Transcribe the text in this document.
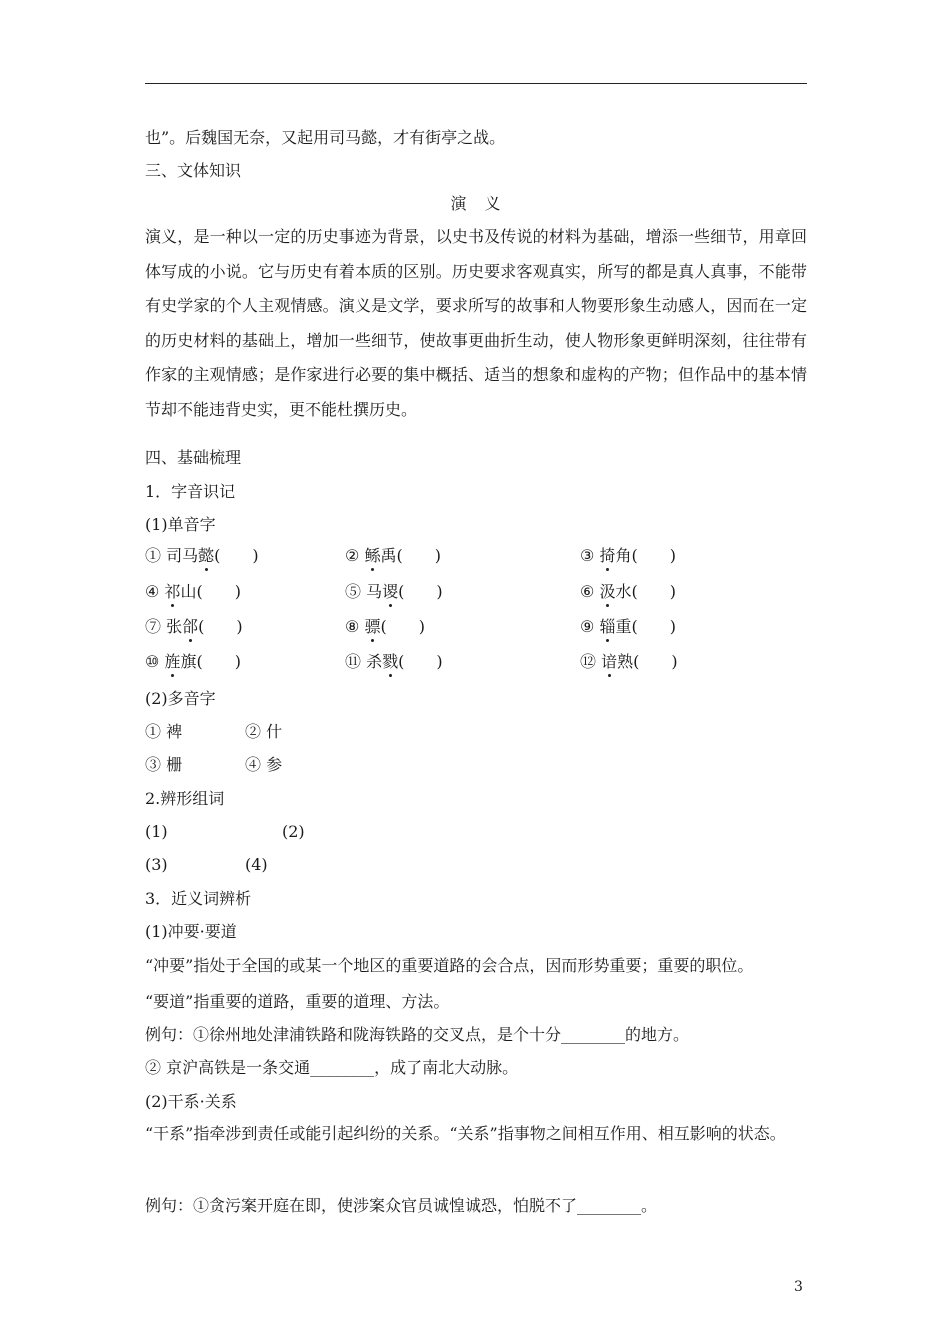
也”。后魏国无奈，又起用司马懿，才有街亭之战。
三、文体知识
演　义
演义，是一种以一定的历史事迹为背景，以史书及传说的材料为基础，增添一些细节，用章回体写成的小说。它与历史有着本质的区别。历史要求客观真实，所写的都是真人真事，不能带有史学家的个人主观情感。演义是文学，要求所写的故事和人物要形象生动感人，因而在一定的历史材料的基础上，增加一些细节，使故事更曲折生动，使人物形象更鲜明深刻，往往带有作家的主观情感；是作家进行必要的集中概括、适当的想象和虚构的产物；但作品中的基本情节却不能违背史实，更不能杜撰历史。
四、基础梳理
1．字音识记
(1)单音字
① 司马懿(　　)	② 鲧禹(　　)	③ 掎角(　　)
④ 祁山(　　)	⑤ 马谡(　　)	⑥ 汲水(　　)
⑦ 张郃(　　)	⑧ 骠(　　)	⑨ 辎重(　　)
⑩ 旌旗(　　)	⑪ 杀戮(　　)	⑫ 谙熟(　　)
(2)多音字
① 裨	② 什
③ 栅	④ 参
2.辨形组词
(1)	(2)
(3)	(4)
3．近义词辨析
(1)冲要·要道
“冲要”指处于全国的或某一个地区的重要道路的会合点，因而形势重要；重要的职位。
“要道”指重要的道路，重要的道理、方法。
例句：①徐州地处津浦铁路和陇海铁路的交叉点，是个十分________的地方。
② 京沪高铁是一条交通________，成了南北大动脉。
(2)干系·关系
“干系”指牵涉到责任或能引起纠纷的关系。“关系”指事物之间相互作用、相互影响的状态。
例句：①贪污案开庭在即，使涉案众官员诚惶诚恐，怕脱不了________。
3
